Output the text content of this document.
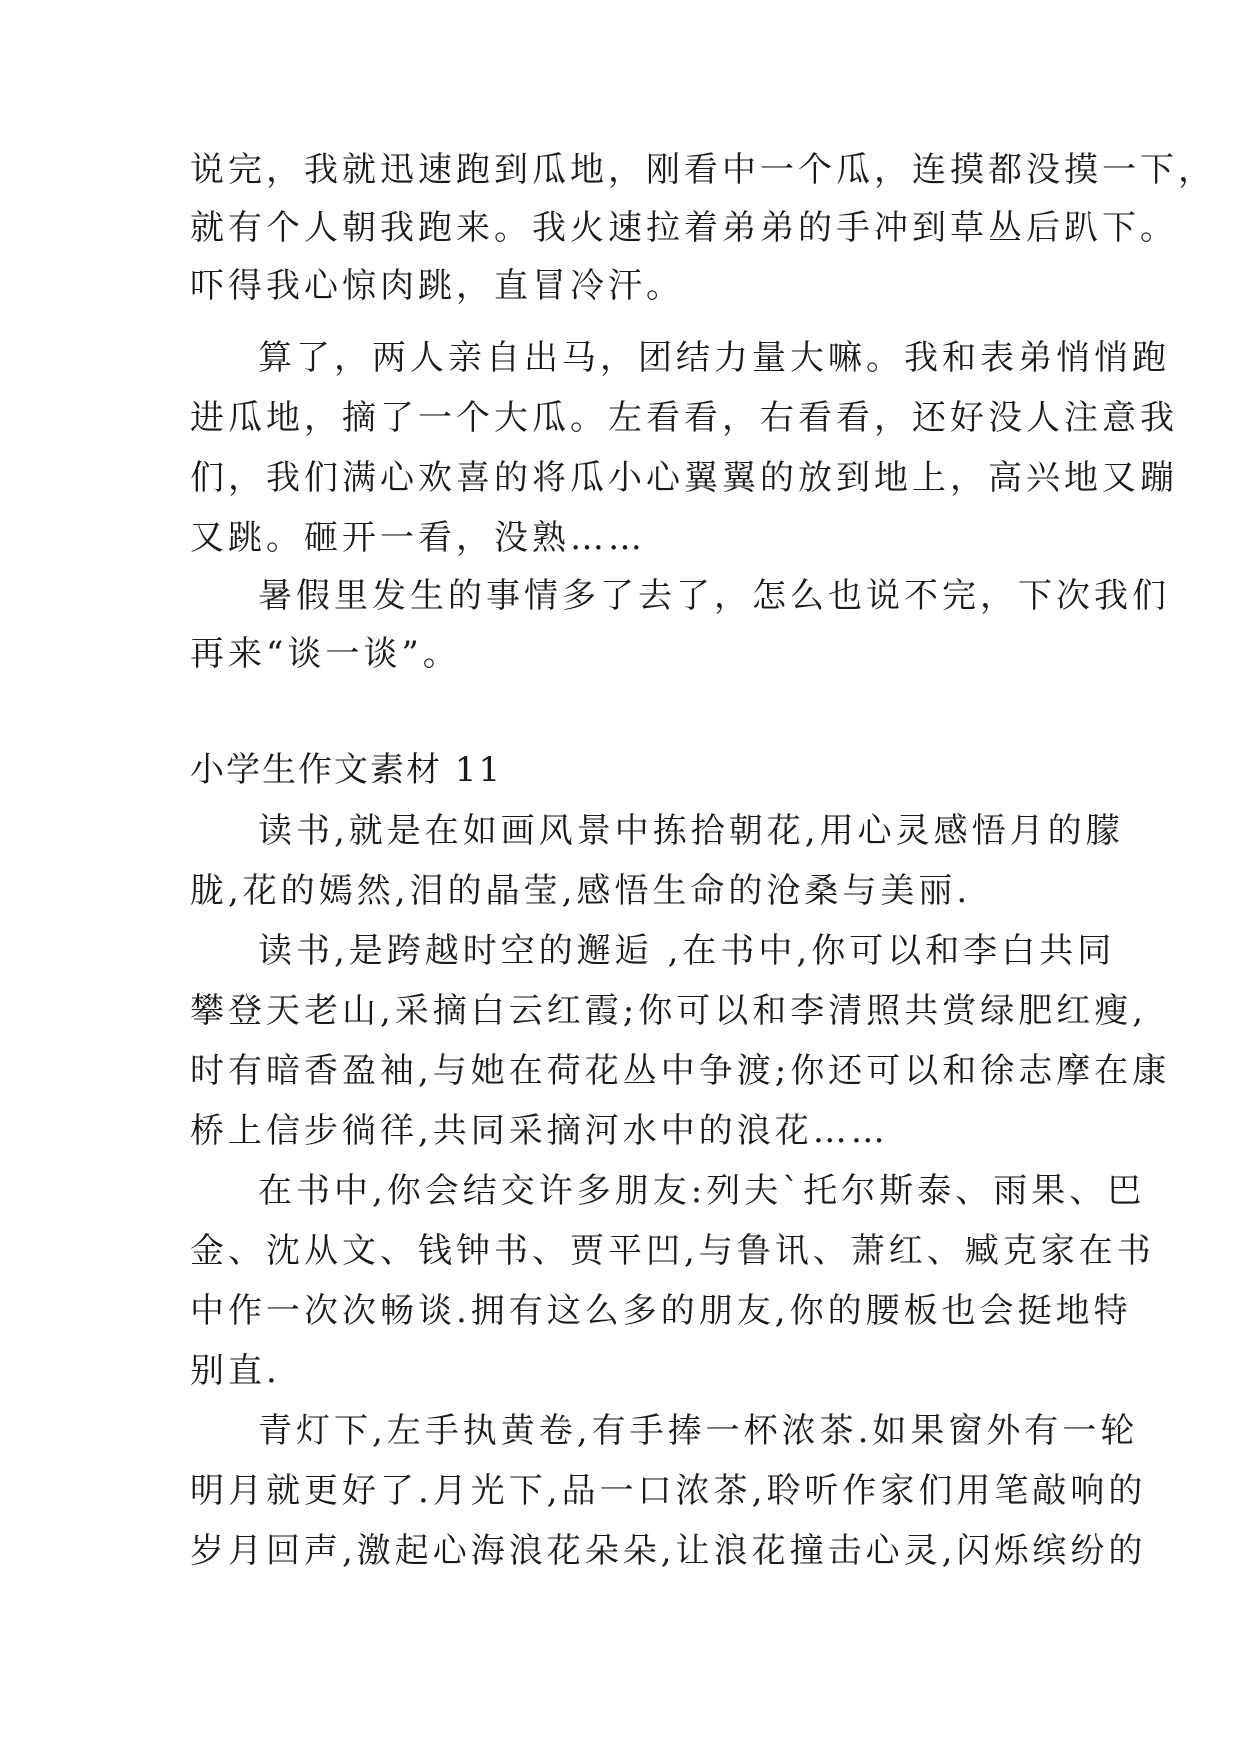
说完，我就迅速跑到瓜地，刚看中一个瓜，连摸都没摸一下，
就有个人朝我跑来。我火速拉着弟弟的手冲到草丛后趴下。
吓得我心惊肉跳，直冒冷汗。
算了，两人亲自出马，团结力量大嘛。我和表弟悄悄跑
进瓜地，摘了一个大瓜。左看看，右看看，还好没人注意我
们，我们满心欢喜的将瓜小心翼翼的放到地上，高兴地又蹦
又跳。砸开一看，没熟……
暑假里发生的事情多了去了，怎么也说不完，下次我们
再来“谈一谈”。
小学生作文素材 11
读书,就是在如画风景中拣拾朝花,用心灵感悟月的朦
胧,花的嫣然,泪的晶莹,感悟生命的沧桑与美丽.
读书,是跨越时空的邂逅 ,在书中,你可以和李白共同
攀登天老山,采摘白云红霞;你可以和李清照共赏绿肥红瘦,
时有暗香盈袖,与她在荷花丛中争渡;你还可以和徐志摩在康
桥上信步徜徉,共同采摘河水中的浪花……
在书中,你会结交许多朋友:列夫`托尔斯泰、雨果、巴
金、沈从文、钱钟书、贾平凹,与鲁讯、萧红、臧克家在书
中作一次次畅谈.拥有这么多的朋友,你的腰板也会挺地特
别直.
青灯下,左手执黄卷,有手捧一杯浓茶.如果窗外有一轮
明月就更好了.月光下,品一口浓茶,聆听作家们用笔敲响的
岁月回声,激起心海浪花朵朵,让浪花撞击心灵,闪烁缤纷的
